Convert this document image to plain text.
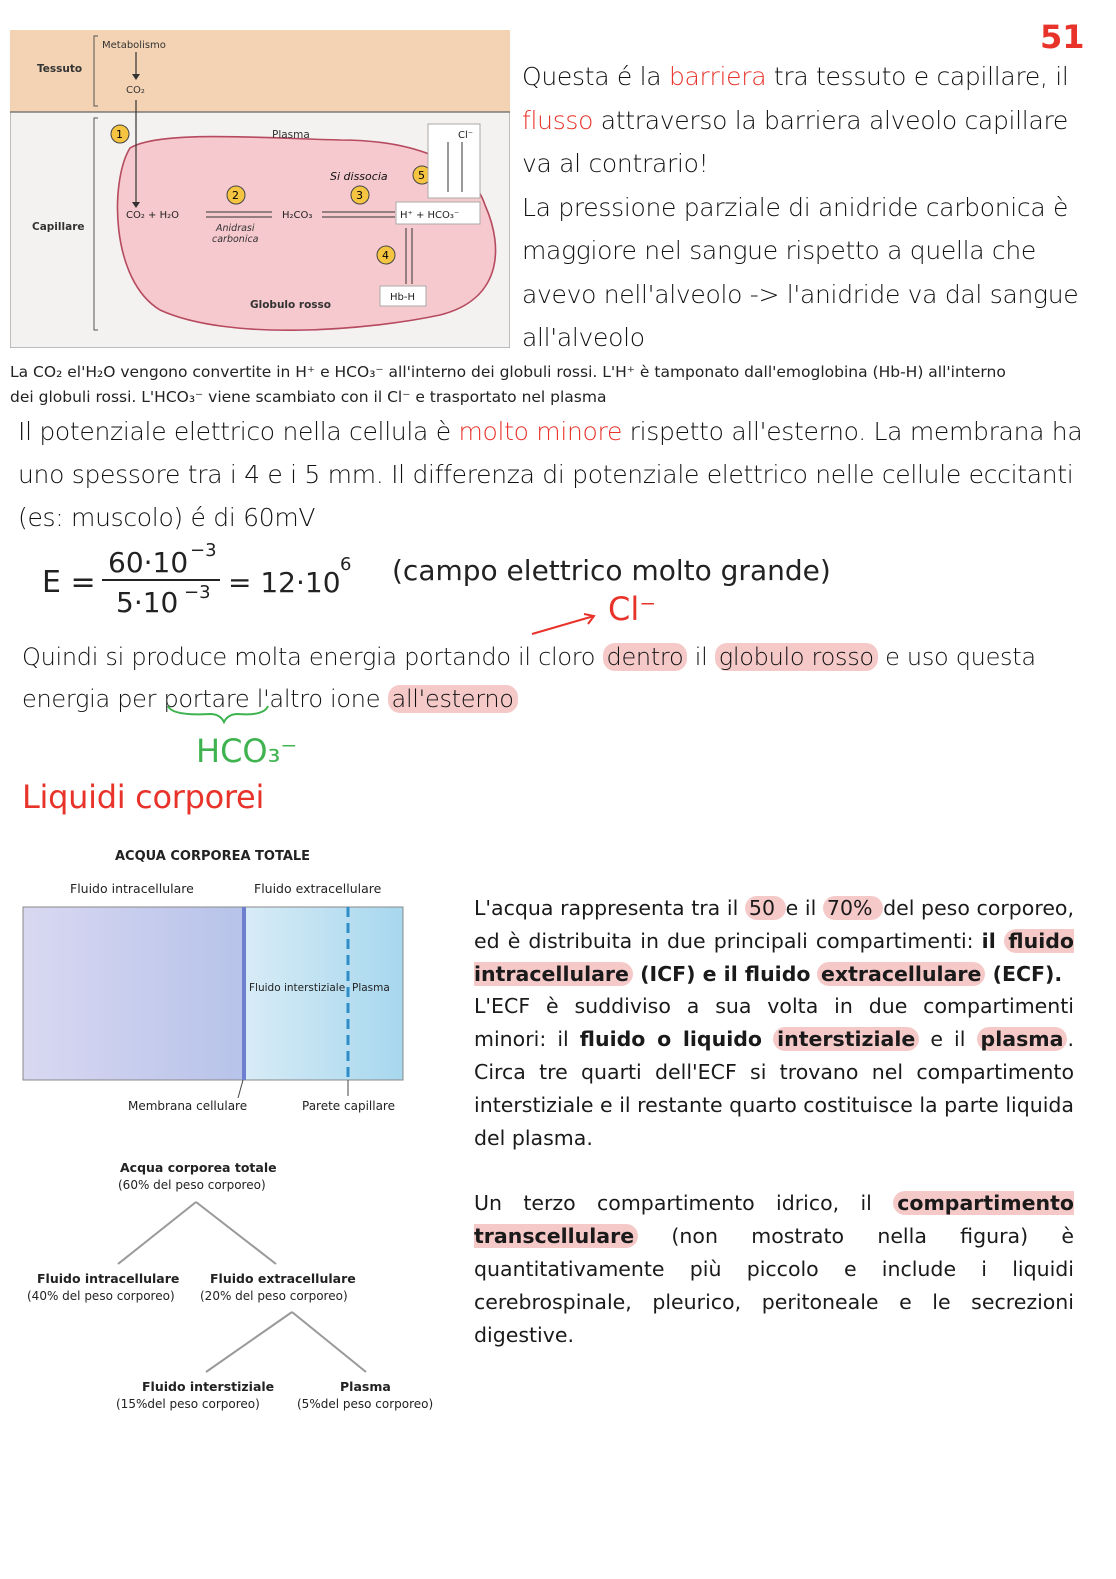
51
Tessuto
Capillare
Metabolismo
CO₂
Plasma
1
2	3
4
5
CO₂ + H₂O
Anidrasi
carbonica
H₂CO₃
Si dissocia
H⁺ + HCO₃⁻
Cl⁻
Hb-H
Globulo rosso
Questa é la barriera tra tessuto e capillare, il flusso attraverso la barriera alveolo capillare va al contrario!
La pressione parziale di anidride carbonica è maggiore nel sangue rispetto a quella che avevo nell'alveolo -> l'anidride va dal sangue all'alveolo
La CO₂ el'H₂O vengono convertite in H⁺ e HCO₃⁻ all'interno dei globuli rossi. L'H⁺ è tamponato dall'emoglobina (Hb-H) all'interno
dei globuli rossi. L'HCO₃⁻ viene scambiato con il Cl⁻ e trasportato nel plasma
Il potenziale elettrico nella cellula è molto minore rispetto all'esterno. La membrana ha uno spessore tra i 4 e i 5 mm. Il differenza di potenziale elettrico nelle cellule eccitanti (es: muscolo) é di 60mV
E =
60·10 −3
5·10 −3 = 12·10
6 (campo elettrico molto grande)
Cl⁻
Quindi si produce molta energia portando il cloro dentro il globulo rosso e uso questa energia per portare l'altro ione all'esterno
HCO₃⁻
Liquidi corporei
ACQUA CORPOREA TOTALE
Fluido intracellulare	Fluido extracellulare
Fluido interstiziale Plasma
Membrana cellulare	Parete capillare
Acqua corporea totale
(60% del peso corporeo)
Fluido intracellulare
(40% del peso corporeo)
Fluido extracellulare
(20% del peso corporeo)
Fluido interstiziale
(15%del peso corporeo)
Plasma
(5%del peso corporeo)

L'acqua rappresenta tra il 50 e il 70% del peso corporeo, ed è distribuita in due principali compartimenti: il fluido intracellulare (ICF) e il fluido extracellulare (ECF).

L'ECF è suddiviso a sua volta in due compartimenti minori: il fluido o liquido interstiziale e il plasma . Circa tre quarti dell'ECF si trovano nel compartimento interstiziale e il restante quarto costituisce la parte liquida del plasma.

Un terzo compartimento idrico, il compartimento transcellulare (non mostrato nella figura) è quantitativamente più piccolo e include i liquidi cerebrospinale, pleurico, peritoneale e le secrezioni digestive.
